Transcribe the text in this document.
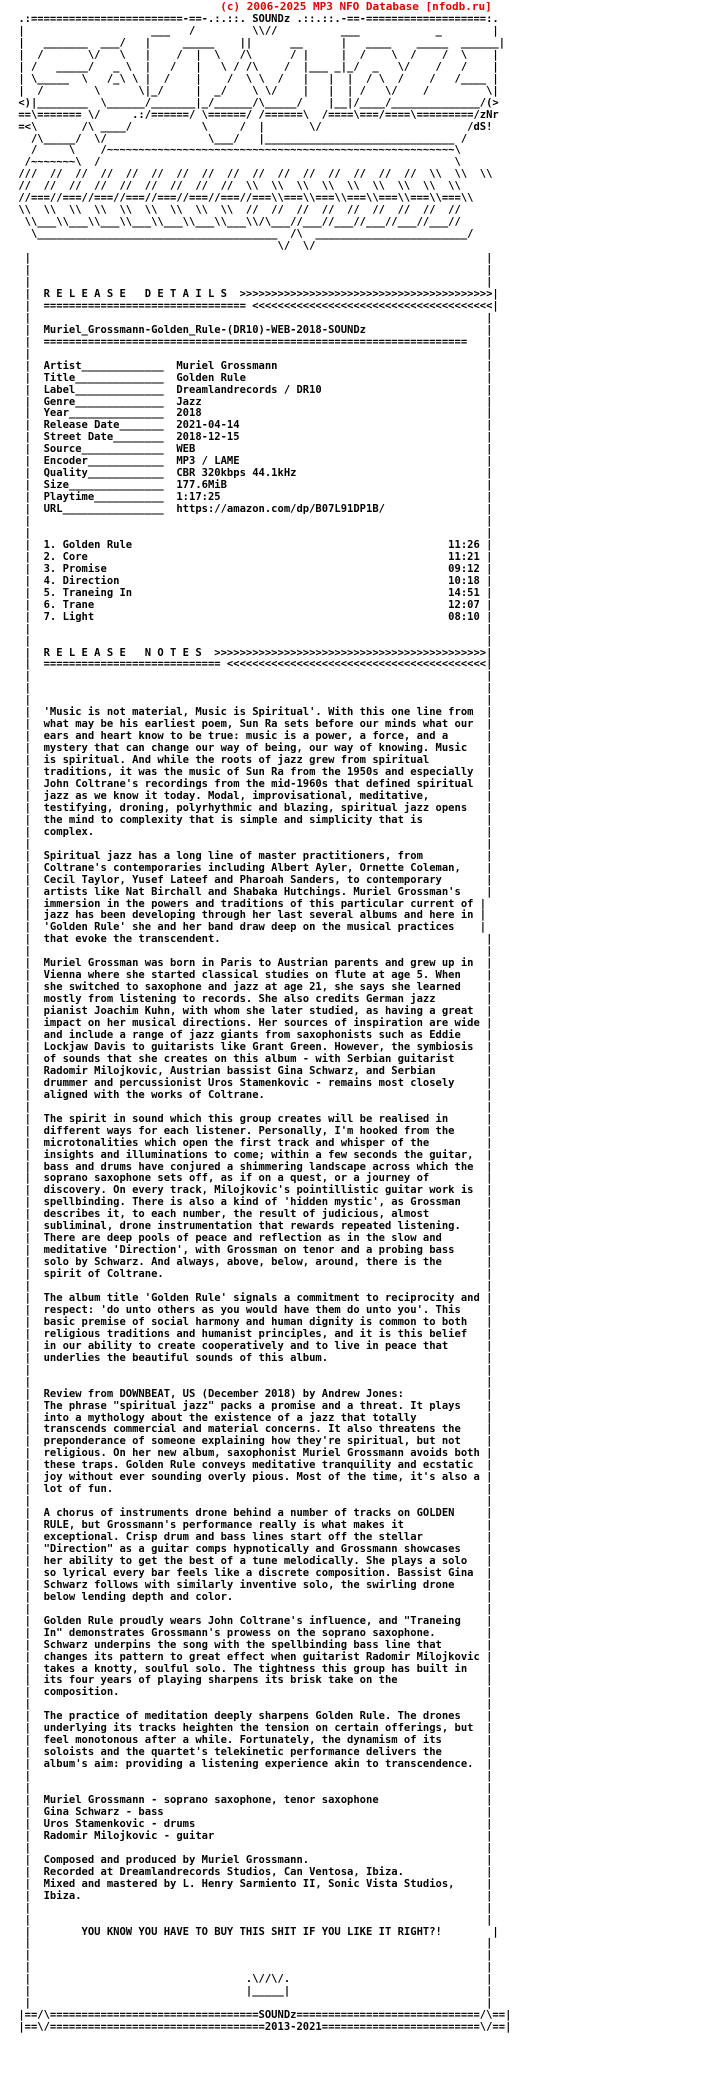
(c) 2006-2025 MP3 NFO Database [nfodb.ru]
.:========================-==-.:.::. SOUNDz .::.::.-==-===================:.
|                    ___   /         \\//          ___            _        |
|   _______  ___/   |     _____    ||      __      |   ____    _____  ______|
|  /       \/   \   |    /  |  \   /\      / |     |  /    \  /    /  \    |
| /   _____/   _ \  |   /   |   \ / /\    /  |___ _|_/  _   \/    /   /    |
| \_____  \   /_\ \ |  /    |    /  \ \  /   |   |  |  / \  /    /   /____ |
|  /        \      \|_/     |  _/    \ \/    |   |  | /   \/    /         \|
<)|________  \______/_______|_/______/\_____/    |__|/____/______________/(>
==\======= \/     .:/======/ \======/ /======\  /====\===/====\=========/zNr
=<\       /\ ____/           \     /  |       \/                       /dS!
/\_____/  \/                \___/   |______________________________ /
/     \    /~~~~~~~~~~~~~~~~~~~~~~~~~~~~~~~~~~~~~~~~~~~~~~~~~~~~~~~\
/~~~~~~~\  /                                                        \
///  //  //  //  //  //  //  //  //  //  //  //  //  //  //  //  \\  \\  \\
//  //  //  //  //  //  //  //  //  \\  \\  \\  \\  \\  \\  \\  \\  \\
//===//===//===//===//===//===//===//===\\===\\===\\===\\===\\===\\===\\
\\  \\  \\  \\  \\  \\  \\  \\  \\  //  //  //  //  //  //  //  //  //
\\___\\___\\___\\___\\___\\___\\___\\/\___//___//___//___//___//___//
\______________________________________  /\  ________________________/
\/  \/
|                                                                        |
|                                                                        |
|                                                                        |
|  R E L E A S E   D E T A I L S  >>>>>>>>>>>>>>>>>>>>>>>>>>>>>>>>>>>>>>>>|
|  ================================ <<<<<<<<<<<<<<<<<<<<<<<<<<<<<<<<<<<<<<|
|                                                                        |
|  Muriel_Grossmann-Golden_Rule-(DR10)-WEB-2018-SOUNDz                   |
|  ===================================================================   |
|                                                                        |
|  Artist_____________  Muriel Grossmann                                 |
|  Title______________  Golden Rule                                      |
|  Label______________  Dreamlandrecords / DR10                          |
|  Genre______________  Jazz                                             |
|  Year_______________  2018                                             |
|  Release Date_______  2021-04-14                                       |
|  Street Date________  2018-12-15                                       |
|  Source_____________  WEB                                              |
|  Encoder____________  MP3 / LAME                                       |
|  Quality____________  CBR 320kbps 44.1kHz                              |
|  Size_______________  177.6MiB                                         |
|  Playtime___________  1:17:25                                          |
|  URL________________  https://amazon.com/dp/B07L91DP1B/                |
|                                                                        |
|                                                                        |
|  1. Golden Rule                                                  11:26 |
|  2. Core                                                         11:21 |
|  3. Promise                                                      09:12 |
|  4. Direction                                                    10:18 |
|  5. Traneing In                                                  14:51 |
|  6. Trane                                                        12:07 |
|  7. Light                                                        08:10 |
|                                                                        |
|                                                                        |
|  R E L E A S E   N O T E S  >>>>>>>>>>>>>>>>>>>>>>>>>>>>>>>>>>>>>>>>>>>|
|  ============================ <<<<<<<<<<<<<<<<<<<<<<<<<<<<<<<<<<<<<<<<<|
|                                                                        |
|                                                                        |
|                                                                        |
|  'Music is not material, Music is Spiritual'. With this one line from  |
|  what may be his earliest poem, Sun Ra sets before our minds what our  |
|  ears and heart know to be true: music is a power, a force, and a      |
|  mystery that can change our way of being, our way of knowing. Music   |
|  is spiritual. And while the roots of jazz grew from spiritual         |
|  traditions, it was the music of Sun Ra from the 1950s and especially  |
|  John Coltrane's recordings from the mid-1960s that defined spiritual  |
|  jazz as we know it today. Modal, improvisational, meditative,         |
|  testifying, droning, polyrhythmic and blazing, spiritual jazz opens   |
|  the mind to complexity that is simple and simplicity that is          |
|  complex.                                                              |
|                                                                        |
|  Spiritual jazz has a long line of master practitioners, from          |
|  Coltrane's contemporaries including Albert Ayler, Ornette Coleman,    |
|  Cecil Taylor, Yusef Lateef and Pharoah Sanders, to contemporary       |
|  artists like Nat Birchall and Shabaka Hutchings. Muriel Grossman's    |
|  immersion in the powers and traditions of this particular current of |
|  jazz has been developing through her last several albums and here in |
|  'Golden Rule' she and her band draw deep on the musical practices    |
|  that evoke the transcendent.                                          |
|                                                                        |
|  Muriel Grossman was born in Paris to Austrian parents and grew up in  |
|  Vienna where she started classical studies on flute at age 5. When    |
|  she switched to saxophone and jazz at age 21, she says she learned    |
|  mostly from listening to records. She also credits German jazz        |
|  pianist Joachim Kuhn, with whom she later studied, as having a great  |
|  impact on her musical directions. Her sources of inspiration are wide |
|  and include a range of jazz giants from saxophonists such as Eddie    |
|  Lockjaw Davis to guitarists like Grant Green. However, the symbiosis  |
|  of sounds that she creates on this album - with Serbian guitarist     |
|  Radomir Milojkovic, Austrian bassist Gina Schwarz, and Serbian        |
|  drummer and percussionist Uros Stamenkovic - remains most closely     |
|  aligned with the works of Coltrane.                                   |
|                                                                        |
|  The spirit in sound which this group creates will be realised in      |
|  different ways for each listener. Personally, I'm hooked from the     |
|  microtonalities which open the first track and whisper of the         |
|  insights and illuminations to come; within a few seconds the guitar,  |
|  bass and drums have conjured a shimmering landscape across which the  |
|  soprano saxophone sets off, as if on a quest, or a journey of         |
|  discovery. On every track, Milojkovic's pointillistic guitar work is  |
|  spellbinding. There is also a kind of 'hidden mystic', as Grossman    |
|  describes it, to each number, the result of judicious, almost         |
|  subliminal, drone instrumentation that rewards repeated listening.    |
|  There are deep pools of peace and reflection as in the slow and       |
|  meditative 'Direction', with Grossman on tenor and a probing bass     |
|  solo by Schwarz. And always, above, below, around, there is the       |
|  spirit of Coltrane.                                                   |
|                                                                        |
|  The album title 'Golden Rule' signals a commitment to reciprocity and |
|  respect: 'do unto others as you would have them do unto you'. This    |
|  basic premise of social harmony and human dignity is common to both   |
|  religious traditions and humanist principles, and it is this belief   |
|  in our ability to create cooperatively and to live in peace that      |
|  underlies the beautiful sounds of this album.                         |
|                                                                        |
|                                                                        |
|  Review from DOWNBEAT, US (December 2018) by Andrew Jones:             |
|  The phrase "spiritual jazz" packs a promise and a threat. It plays    |
|  into a mythology about the existence of a jazz that totally           |
|  transcends commercial and material concerns. It also threatens the    |
|  preponderance of someone explaining how they're spiritual, but not    |
|  religious. On her new album, saxophonist Muriel Grossmann avoids both |
|  these traps. Golden Rule conveys meditative tranquility and ecstatic  |
|  joy without ever sounding overly pious. Most of the time, it's also a |
|  lot of fun.                                                           |
|                                                                        |
|  A chorus of instruments drone behind a number of tracks on GOLDEN     |
|  RULE, but Grossmann's performance really is what makes it             |
|  exceptional. Crisp drum and bass lines start off the stellar          |
|  "Direction" as a guitar comps hypnotically and Grossmann showcases    |
|  her ability to get the best of a tune melodically. She plays a solo   |
|  so lyrical every bar feels like a discrete composition. Bassist Gina  |
|  Schwarz follows with similarly inventive solo, the swirling drone     |
|  below lending depth and color.                                        |
|                                                                        |
|  Golden Rule proudly wears John Coltrane's influence, and "Traneing    |
|  In" demonstrates Grossmann's prowess on the soprano saxophone.        |
|  Schwarz underpins the song with the spellbinding bass line that       |
|  changes its pattern to great effect when guitarist Radomir Milojkovic |
|  takes a knotty, soulful solo. The tightness this group has built in   |
|  its four years of playing sharpens its brisk take on the              |
|  composition.                                                          |
|                                                                        |
|  The practice of meditation deeply sharpens Golden Rule. The drones    |
|  underlying its tracks heighten the tension on certain offerings, but  |
|  feel monotonous after a while. Fortunately, the dynamism of its       |
|  soloists and the quartet's telekinetic performance delivers the       |
|  album's aim: providing a listening experience akin to transcendence.  |
|                                                                        |
|                                                                        |
|  Muriel Grossmann - soprano saxophone, tenor saxophone                 |
|  Gina Schwarz - bass                                                   |
|  Uros Stamenkovic - drums                                              |
|  Radomir Milojkovic - guitar                                           |
|                                                                        |
|  Composed and produced by Muriel Grossmann.                            |
|  Recorded at Dreamlandrecords Studios, Can Ventosa, Ibiza.             |
|  Mixed and mastered by L. Henry Sarmiento II, Sonic Vista Studios,     |
|  Ibiza.                                                                |
|                                                                        |
|                                                                        |
|        YOU KNOW YOU HAVE TO BUY THIS SHIT IF YOU LIKE IT RIGHT?!        |
|                                                                        |
|                                                                        |
|                                                                        |
|                                  .\//\/.                               |
|                                  |_____|                               |
|                                                                        |
|==/\=================================SOUNDz=============================/\==|
|==\/==================================2013-2021=========================\/==|
